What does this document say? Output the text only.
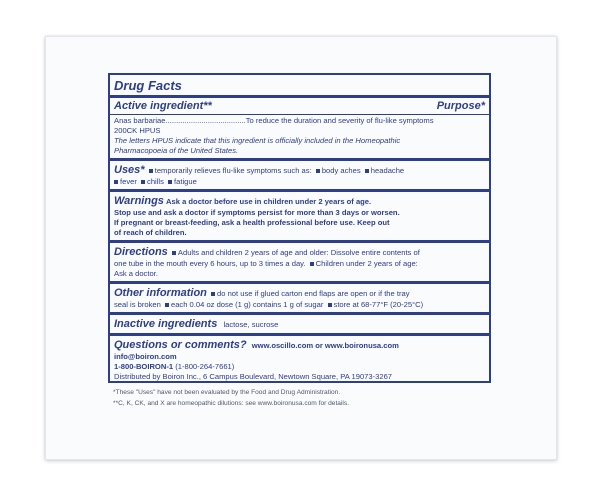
Drug Facts
Active ingredient**	Purpose*
Anas barbariae......................................To reduce the duration and severity of flu-like symptoms
200CK HPUS
The letters HPUS indicate that this ingredient is officially included in the Homeopathic
Pharmacopoeia of the United States.
Uses* temporarily relieves flu-like symptoms such as: body aches headache
fever chills fatigue
Warnings Ask a doctor before use in children under 2 years of age.
Stop use and ask a doctor if symptoms persist for more than 3 days or worsen.
If pregnant or breast-feeding, ask a health professional before use. Keep out
of reach of children.
Directions Adults and children 2 years of age and older: Dissolve entire contents of
one tube in the mouth every 6 hours, up to 3 times a day. Children under 2 years of age:
Ask a doctor.
Other information do not use if glued carton end flaps are open or if the tray
seal is broken each 0.04 oz dose (1 g) contains 1 g of sugar store at 68-77°F (20-25°C)
Inactive ingredients lactose, sucrose
Questions or comments? www.oscillo.com or www.boironusa.com
info@boiron.com
1-800-BOIRON-1 (1-800-264-7661)
Distributed by Boiron Inc., 6 Campus Boulevard, Newtown Square, PA 19073-3267
*These "Uses" have not been evaluated by the Food and Drug Administration.
**C, K, CK, and X are homeopathic dilutions: see www.boironusa.com for details.
